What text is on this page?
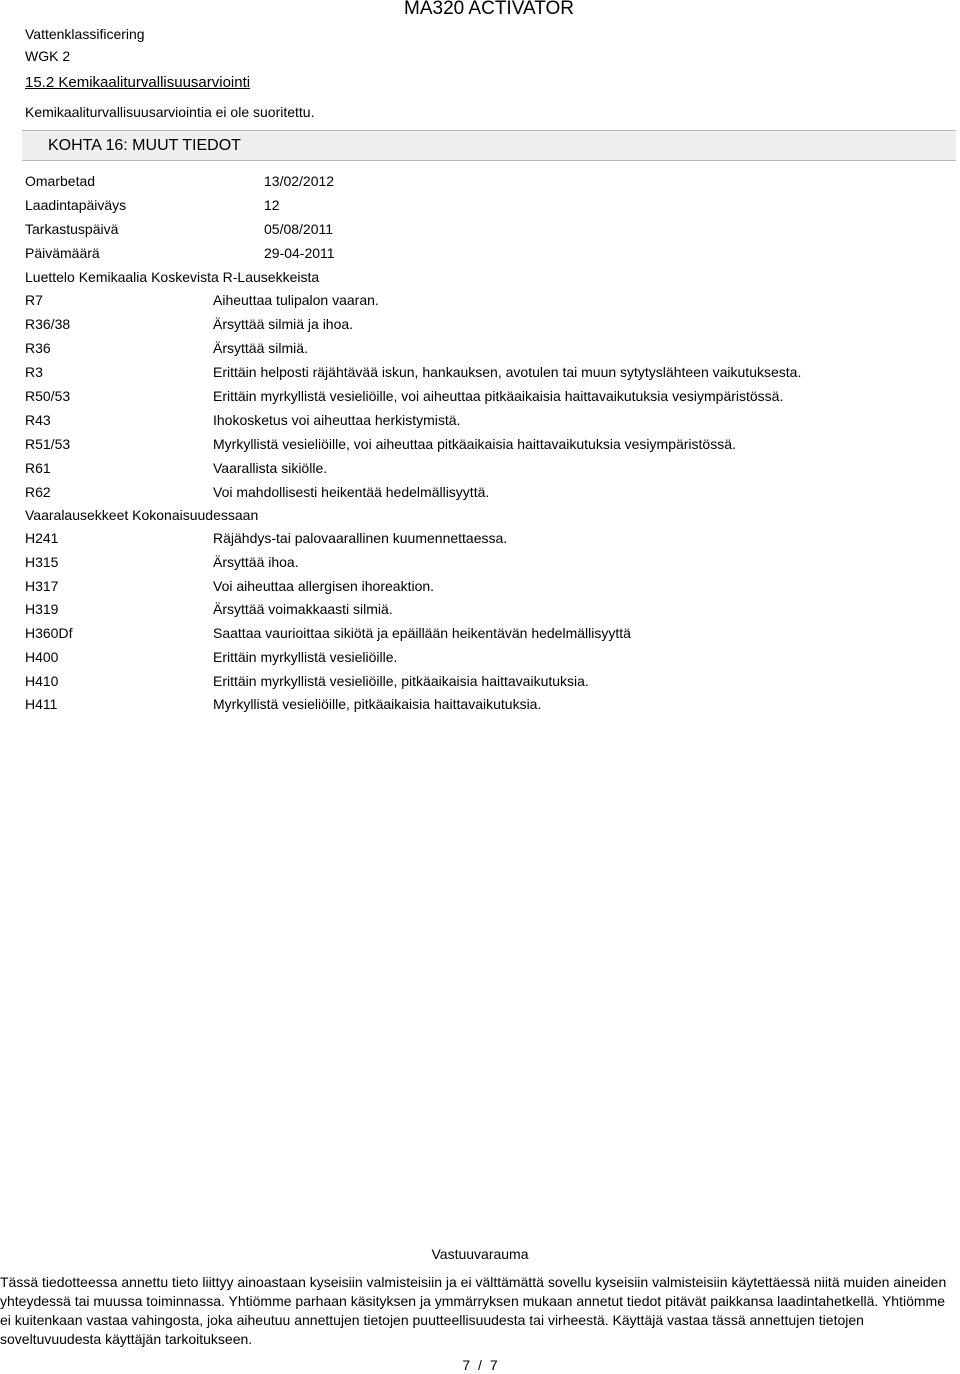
MA320 ACTIVATOR
Vattenklassificering
WGK 2
15.2 Kemikaaliturvallisuusarviointi
Kemikaaliturvallisuusarviointia ei ole suoritettu.
KOHTA 16: MUUT TIEDOT
Omarbetad	13/02/2012
Laadintapäiväys	12
Tarkastuspäivä	05/08/2011
Päivämäärä	29-04-2011
Luettelo Kemikaalia Koskevista R-Lausekkeista
R7	Aiheuttaa tulipalon vaaran.
R36/38	Ärsyttää silmiä ja ihoa.
R36	Ärsyttää silmiä.
R3	Erittäin helposti räjähtävää iskun, hankauksen, avotulen tai muun sytytyslähteen vaikutuksesta.
R50/53	Erittäin myrkyllistä vesieliöille, voi aiheuttaa pitkäaikaisia haittavaikutuksia vesiympäristössä.
R43	Ihokosketus voi aiheuttaa herkistymistä.
R51/53	Myrkyllistä vesieliöille, voi aiheuttaa pitkäaikaisia haittavaikutuksia vesiympäristössä.
R61	Vaarallista sikiölle.
R62	Voi mahdollisesti heikentää hedelmällisyyttä.
Vaaralausekkeet Kokonaisuudessaan
H241	Räjähdys-tai palovaarallinen kuumennettaessa.
H315	Ärsyttää ihoa.
H317	Voi aiheuttaa allergisen ihoreaktion.
H319	Ärsyttää voimakkaasti silmiä.
H360Df	Saattaa vaurioittaa sikiötä ja epäillään heikentävän hedelmällisyyttä
H400	Erittäin myrkyllistä vesieliöille.
H410	Erittäin myrkyllistä vesieliöille, pitkäaikaisia haittavaikutuksia.
H411	Myrkyllistä vesieliöille, pitkäaikaisia haittavaikutuksia.
Vastuuvarauma
Tässä tiedotteessa annettu tieto liittyy ainoastaan kyseisiin valmisteisiin ja ei välttämättä sovellu kyseisiin valmisteisiin käytettäessä niitä muiden aineiden yhteydessä tai muussa toiminnassa. Yhtiömme parhaan käsityksen ja ymmärryksen mukaan annetut tiedot pitävät paikkansa laadintahetkellä. Yhtiömme ei kuitenkaan vastaa vahingosta, joka aiheutuu annettujen tietojen puutteellisuudesta tai virheestä. Käyttäjä vastaa tässä annettujen tietojen soveltuvuudesta käyttäjän tarkoitukseen.
7 / 7
